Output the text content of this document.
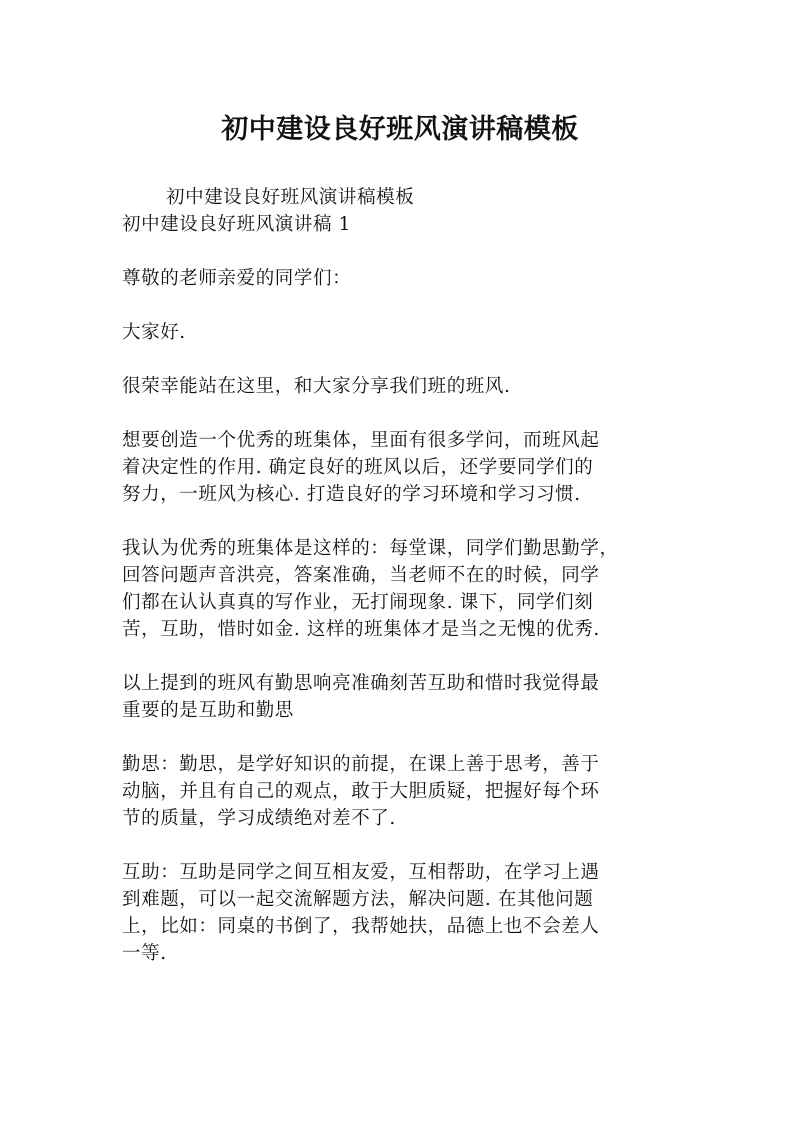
初中建设良好班风演讲稿模板
初中建设良好班风演讲稿模板
初中建设良好班风演讲稿 1
尊敬的老师亲爱的同学们：
大家好.
很荣幸能站在这里，和大家分享我们班的班风.
想要创造一个优秀的班集体，里面有很多学问，而班风起
着决定性的作用. 确定良好的班风以后，还学要同学们的
努力，一班风为核心. 打造良好的学习环境和学习习惯.
我认为优秀的班集体是这样的：每堂课，同学们勤思勤学，
回答问题声音洪亮，答案准确，当老师不在的时候，同学
们都在认认真真的写作业，无打闹现象. 课下，同学们刻
苦，互助，惜时如金. 这样的班集体才是当之无愧的优秀.
以上提到的班风有勤思响亮准确刻苦互助和惜时我觉得最
重要的是互助和勤思
勤思：勤思，是学好知识的前提，在课上善于思考，善于
动脑，并且有自己的观点，敢于大胆质疑，把握好每个环
节的质量，学习成绩绝对差不了.
互助：互助是同学之间互相友爱，互相帮助，在学习上遇
到难题，可以一起交流解题方法，解决问题. 在其他问题
上，比如：同桌的书倒了，我帮她扶，品德上也不会差人
一等.
